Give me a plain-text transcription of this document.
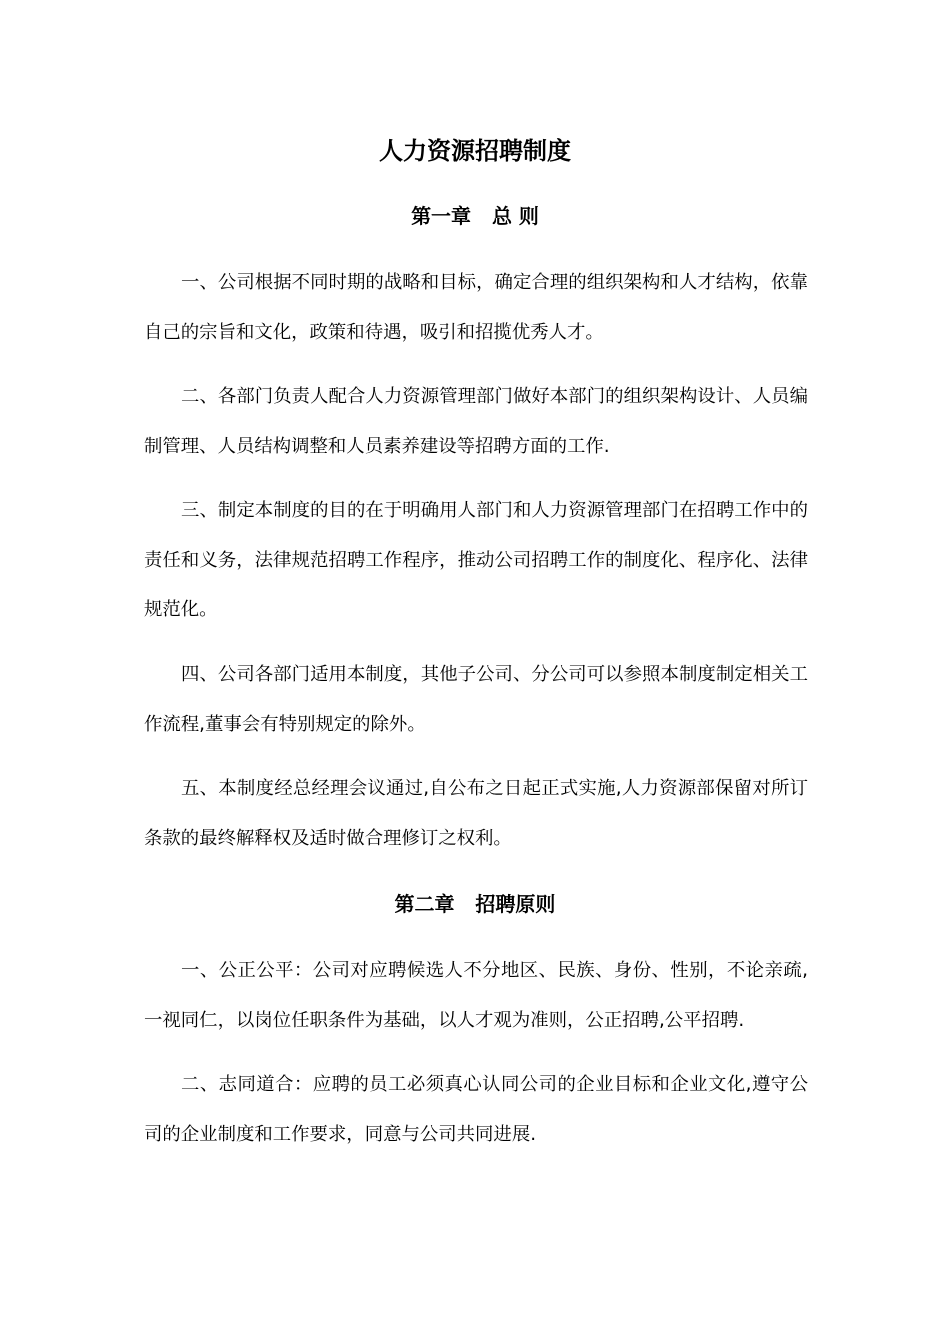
人力资源招聘制度
第一章   总 则

一、公司根据不同时期的战略和目标，确定合理的组织架构和人才结构，依靠自己的宗旨和文化，政策和待遇，吸引和招揽优秀人才。

二、各部门负责人配合人力资源管理部门做好本部门的组织架构设计、人员编制管理、人员结构调整和人员素养建设等招聘方面的工作.

三、制定本制度的目的在于明确用人部门和人力资源管理部门在招聘工作中的责任和义务，法律规范招聘工作程序，推动公司招聘工作的制度化、程序化、法律规范化。

四、公司各部门适用本制度，其他子公司、分公司可以参照本制度制定相关工作流程,董事会有特别规定的除外。

五、本制度经总经理会议通过,自公布之日起正式实施,人力资源部保留对所订条款的最终解释权及适时做合理修订之权利。

第二章   招聘原则

一、公正公平：公司对应聘候选人不分地区、民族、身份、性别，不论亲疏,一视同仁，以岗位任职条件为基础，以人才观为准则，公正招聘,公平招聘.

二、志同道合：应聘的员工必须真心认同公司的企业目标和企业文化,遵守公司的企业制度和工作要求，同意与公司共同进展.
